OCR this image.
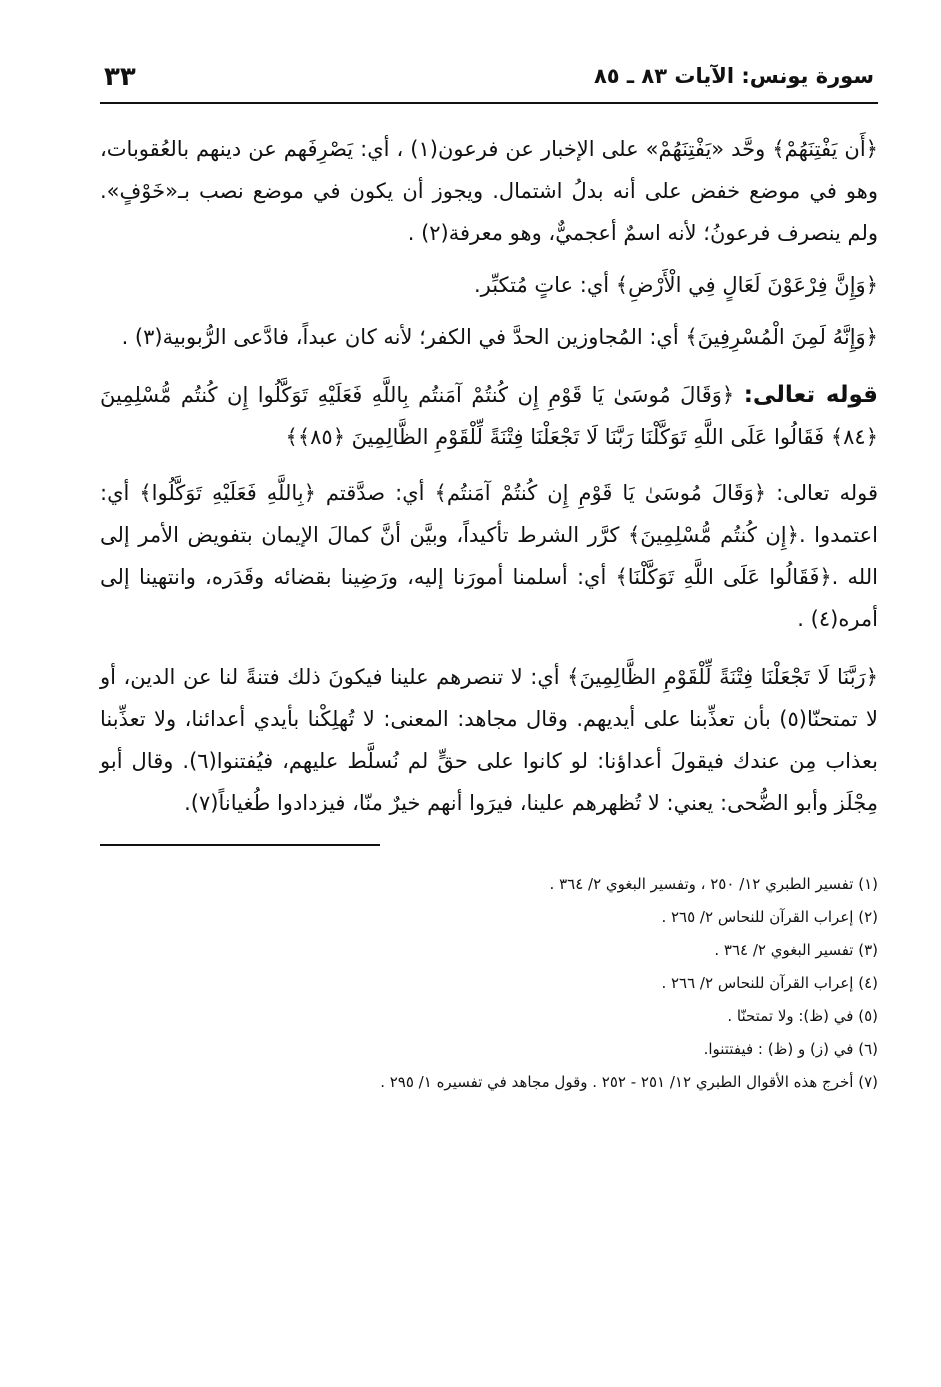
سورة يونس: الآيات ٨٣ ـ ٨٥
٣٣

﴿أَن يَفْتِنَهُمْ﴾ وحَّد «يَفْتِنَهُمْ» على الإخبار عن فرعون(١) ، أي: يَصْرِفَهم عن دينهم بالعُقوبات، وهو في موضع خفض على أنه بدلُ اشتمال. ويجوز أن يكون في موضع نصب بـ«خَوْفٍ». ولم ينصرف فرعونُ؛ لأنه اسمٌ أعجميٌّ، وهو معرفة(٢) .

﴿وَإِنَّ فِرْعَوْنَ لَعَالٍ فِي الْأَرْضِ﴾ أي: عاتٍ مُتكبِّر.

﴿وَإِنَّهُ لَمِنَ الْمُسْرِفِينَ﴾ أي: المُجاوزين الحدَّ في الكفر؛ لأنه كان عبداً، فادَّعى الرُّبوبية(٣) .

قوله تعالى: ﴿وَقَالَ مُوسَىٰ يَا قَوْمِ إِن كُنتُمْ آمَنتُم بِاللَّهِ فَعَلَيْهِ تَوَكَّلُوا إِن كُنتُم مُّسْلِمِينَ ﴿٨٤﴾ فَقَالُوا عَلَى اللَّهِ تَوَكَّلْنَا رَبَّنَا لَا تَجْعَلْنَا فِتْنَةً لِّلْقَوْمِ الظَّالِمِينَ ﴿٨٥﴾﴾

قوله تعالى: ﴿وَقَالَ مُوسَىٰ يَا قَوْمِ إِن كُنتُمْ آمَنتُم﴾ أي: صدَّقتم ﴿بِاللَّهِ فَعَلَيْهِ تَوَكَّلُوا﴾ أي: اعتمدوا .﴿إِن كُنتُم مُّسْلِمِينَ﴾ كرَّر الشرط تأكيداً، وبيَّن أنَّ كمالَ الإيمان بتفويض الأمر إلى الله .﴿فَقَالُوا عَلَى اللَّهِ تَوَكَّلْنَا﴾ أي: أسلمنا أمورَنا إليه، ورَضِينا بقضائه وقَدَره، وانتهينا إلى أمره(٤) .

﴿رَبَّنَا لَا تَجْعَلْنَا فِتْنَةً لِّلْقَوْمِ الظَّالِمِينَ﴾ أي: لا تنصرهم علينا فيكونَ ذلك فتنةً لنا عن الدين، أو لا تمتحنّا(٥) بأن تعذِّبنا على أيديهم. وقال مجاهد: المعنى: لا تُهلِكْنا بأيدي أعدائنا، ولا تعذِّبنا بعذاب مِن عندك فيقولَ أعداؤنا: لو كانوا على حقٍّ لم نُسلَّط عليهم، فيُفتنوا(٦). وقال أبو مِجْلَز وأبو الضُّحى: يعني: لا تُظهرهم علينا، فيرَوا أنهم خيرٌ منّا، فيزدادوا طُغياناً(٧).

(١) تفسير الطبري ١٢/ ٢٥٠ ، وتفسير البغوي ٢/ ٣٦٤ .
(٢) إعراب القرآن للنحاس ٢/ ٢٦٥ .
(٣) تفسير البغوي ٢/ ٣٦٤ .
(٤) إعراب القرآن للنحاس ٢/ ٢٦٦ .
(٥) في (ظ): ولا تمتحنّا .
(٦) في (ز) و (ظ) : فيفتتنوا.
(٧) أخرج هذه الأقوال الطبري ١٢/ ٢٥١ - ٢٥٢ . وقول مجاهد في تفسيره ١/ ٢٩٥ .
